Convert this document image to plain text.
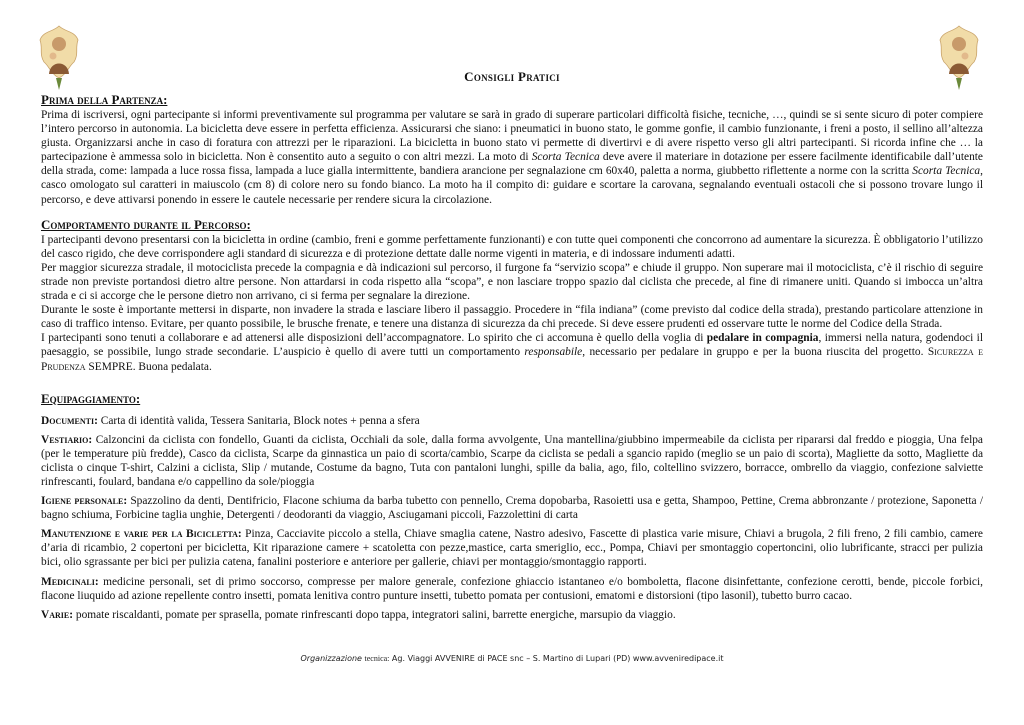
Consigli Pratici
Prima della Partenza:

Prima di iscriversi, ogni partecipante si informi preventivamente sul programma per valutare se sarà in grado di superare particolari difficoltà fisiche, tecniche, …, quindi se si sente sicuro di poter compiere l’intero percorso in autonomia. La bicicletta deve essere in perfetta efficienza. Assicurarsi che siano: i pneumatici in buono stato, le gomme gonfie, il cambio funzionante, i freni a posto, il sellino all’altezza giusta. Organizzarsi anche in caso di foratura con attrezzi per le riparazioni. La bicicletta in buono stato vi permette di divertirvi e di avere rispetto verso gli altri partecipanti. Si ricorda infine che … la partecipazione è ammessa solo in bicicletta. Non è consentito auto a seguito o con altri mezzi. La moto di Scorta Tecnica deve avere il materiare in dotazione per essere facilmente identificabile dall’utente della strada, come: lampada a luce rossa fissa, lampada a luce gialla intermittente, bandiera arancione per segnalazione cm 60x40, paletta a norma, giubbetto riflettente a norme con la scritta Scorta Tecnica, casco omologato sul caratteri in maiuscolo (cm 8) di colore nero su fondo bianco. La moto ha il compito di: guidare e scortare la carovana, segnalando eventuali ostacoli che si possono trovare lungo il percorso, e deve attivarsi ponendo in essere le cautele necessarie per rendere sicura la circolazione.

Comportamento durante il Percorso:

I partecipanti devono presentarsi con la bicicletta in ordine (cambio, freni e gomme perfettamente funzionanti) e con tutte quei componenti che concorrono ad aumentare la sicurezza. È obbligatorio l’utilizzo del casco rigido, che deve corrispondere agli standard di sicurezza e di protezione dettate dalle norme vigenti in materia, e di indossare indumenti adatti.

Per maggior sicurezza stradale, il motociclista precede la compagnia e dà indicazioni sul percorso, il furgone fa “servizio scopa” e chiude il gruppo. Non superare mai il motociclista, c’è il rischio di seguire strade non previste portandosi dietro altre persone. Non attardarsi in coda rispetto alla “scopa”, e non lasciare troppo spazio dal ciclista che precede, al fine di rimanere uniti. Quando si imbocca un’altra strada e ci si accorge che le persone dietro non arrivano, ci si ferma per segnalare la direzione.

Durante le soste è importante mettersi in disparte, non invadere la strada e lasciare libero il passaggio. Procedere in “fila indiana” (come previsto dal codice della strada), prestando particolare attenzione in caso di traffico intenso. Evitare, per quanto possibile, le brusche frenate, e tenere una distanza di sicurezza da chi precede. Si deve essere prudenti ed osservare tutte le norme del Codice della Strada.

I partecipanti sono tenuti a collaborare e ad attenersi alle disposizioni dell’accompagnatore. Lo spirito che ci accomuna è quello della voglia di pedalare in compagnia, immersi nella natura, godendoci il paesaggio, se possibile, lungo strade secondarie. L’auspicio è quello di avere tutti un comportamento responsabile, necessario per pedalare in gruppo e per la buona riuscita del progetto. Sicurezza e Prudenza SEMPRE. Buona pedalata.

Equipaggiamento:

Documenti: Carta di identità valida, Tessera Sanitaria, Block notes + penna a sfera

Vestiario: Calzoncini da ciclista con fondello, Guanti da ciclista, Occhiali da sole, dalla forma avvolgente, Una mantellina/giubbino impermeabile da ciclista per ripararsi dal freddo e pioggia, Una felpa (per le temperature più fredde), Casco da ciclista, Scarpe da ginnastica un paio di scorta/cambio, Scarpe da ciclista se pedali a sgancio rapido (meglio se un paio di scorta), Magliette da sotto, Magliette da ciclista o cinque T-shirt, Calzini a ciclista, Slip / mutande, Costume da bagno, Tuta con pantaloni lunghi, spille da balia, ago, filo, coltellino svizzero, borracce, ombrello da viaggio, confezione salviette rinfrescanti, foulard, bandana e/o cappellino da sole/pioggia

Igiene personale: Spazzolino da denti, Dentifricio, Flacone schiuma da barba tubetto con pennello, Crema dopobarba, Rasoietti usa e getta, Shampoo, Pettine, Crema abbronzante / protezione, Saponetta / bagno schiuma, Forbicine taglia unghie, Detergenti / deodoranti da viaggio, Asciugamani piccoli, Fazzolettini di carta

Manutenzione e varie per la Bicicletta: Pinza, Cacciavite piccolo a stella, Chiave smaglia catene, Nastro adesivo, Fascette di plastica varie misure, Chiavi a brugola, 2 fili freno, 2 fili cambio, camere d’aria di ricambio, 2 copertoni per bicicletta, Kit riparazione camere + scatoletta con pezze,mastice, carta smeriglio, ecc., Pompa, Chiavi per smontaggio copertoncini, olio lubrificante, stracci per pulizia bici, olio sgrassante per bici per pulizia catena, fanalini posteriore e anteriore per gallerie, chiavi per montaggio/smontaggio rapporti.

Medicinali: medicine personali, set di primo soccorso, compresse per malore generale, confezione ghiaccio istantaneo e/o bomboletta, flacone disinfettante, confezione cerotti, bende, piccole forbici, flacone liuquido ad azione repellente contro insetti, pomata lenitiva contro punture insetti, tubetto pomata per contusioni, ematomi e distorsioni (tipo lasonil), tubetto burro cacao.

Varie: pomate riscaldanti, pomate per sprasella, pomate rinfrescanti dopo tappa, integratori salini, barrette energiche, marsupio da viaggio.

Organizzazione tecnica: Ag. Viaggi AVVENIRE di PACE snc – S. Martino di Lupari (PD) www.avveniredipace.it
